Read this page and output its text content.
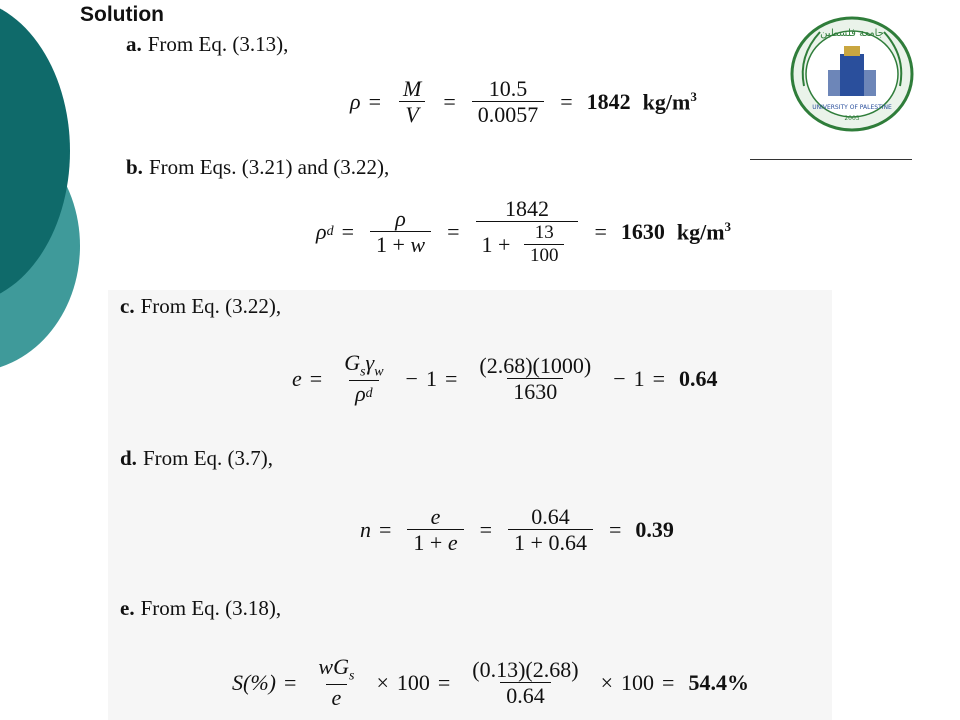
Solution
جامعة فلسطين
UNIVERSITY OF PALESTINE
2003
a. From Eq. (3.13),
$\rho = \frac{M}{V} = \frac{10.5}{0.0057} = 1842$ $kg/m^3$
b. From Eqs. (3.21) and (3.22),
ρ d = ρ
1
+
w = 1842
1
+
$\frac{13}{100} = 1630$ $kg/m^3$
c. From Eq. (3.22),
$e = \frac{G_s\gamma_w}{\text{ρ d}} - 1 = \frac{(2.68)(1000)}{1630} - 1 = 0.64$
d. From Eq. (3.7),
n = e
1
+
$e = \frac{0.64}{1 + 0.64} = 0.39$
e. From Eq. (3.18),
$S(\%) = \frac{wG_s}{e} \times 100 = \frac{(0.13)(2.68)}{0.64} \times 100 = 54.4\%$
